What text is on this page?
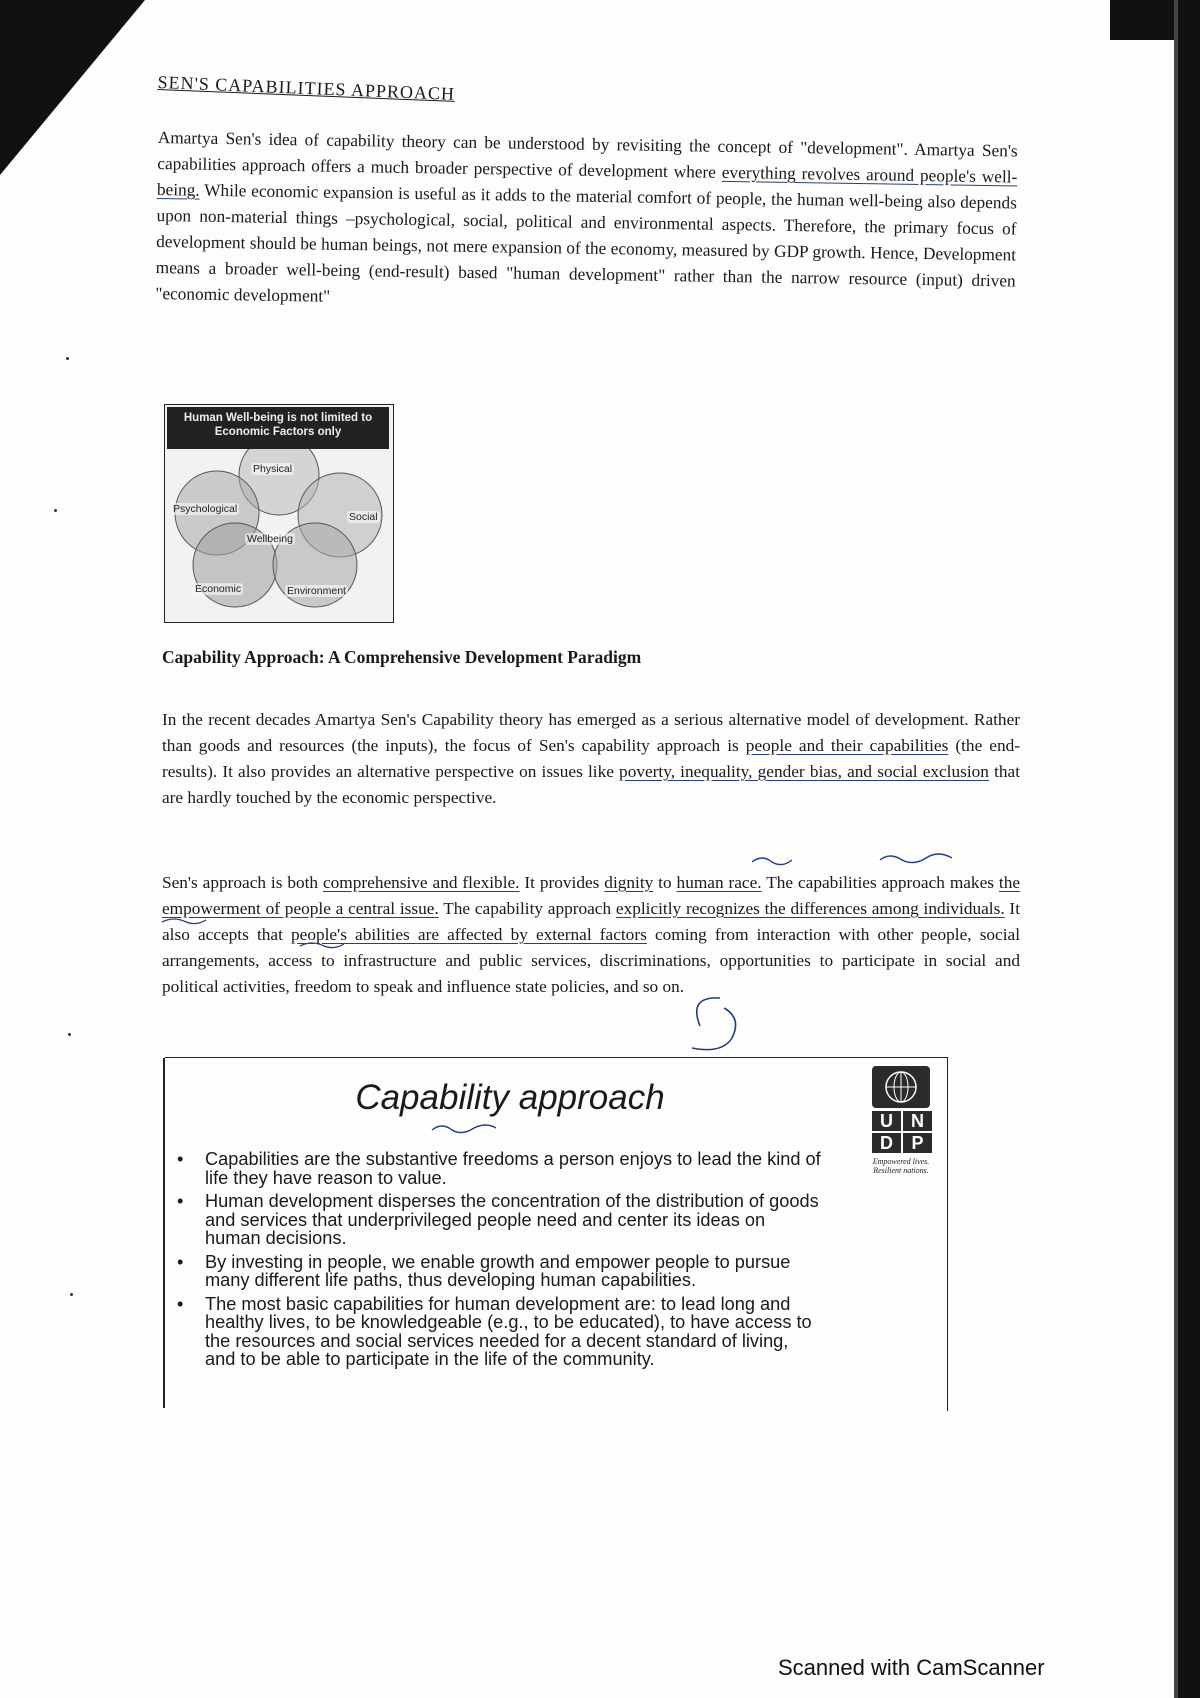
SEN'S CAPABILITIES APPROACH
Amartya Sen's idea of capability theory can be understood by revisiting the concept of "development". Amartya Sen's capabilities approach offers a much broader perspective of development where everything revolves around people's well-being. While economic expansion is useful as it adds to the material comfort of people, the human well-being also depends upon non-material things –psychological, social, political and environmental aspects. Therefore, the primary focus of development should be human beings, not mere expansion of the economy, measured by GDP growth. Hence, Development means a broader well-being (end-result) based "human development" rather than the narrow resource (input) driven "economic development"
Human Well-being is not limited to Economic Factors only
Physical
Psychological
Social
Wellbeing
Economic	Environment
Capability Approach: A Comprehensive Development Paradigm
In the recent decades Amartya Sen's Capability theory has emerged as a serious alternative model of development. Rather than goods and resources (the inputs), the focus of Sen's capability approach is people and their capabilities (the end-results). It also provides an alternative perspective on issues like poverty, inequality, gender bias, and social exclusion that are hardly touched by the economic perspective.
Sen's approach is both comprehensive and flexible. It provides dignity to human race. The capabilities approach makes the empowerment of people a central issue. The capability approach explicitly recognizes the differences among individuals. It also accepts that people's abilities are affected by external factors coming from interaction with other people, social arrangements, access to infrastructure and public services, discriminations, opportunities to participate in social and political activities, freedom to speak and influence state policies, and so on.
Capability approach
• Capabilities are the substantive freedoms a person enjoys to lead the kind of life they have reason to value.
• Human development disperses the concentration of the distribution of goods and services that underprivileged people need and center its ideas on human decisions.
• By investing in people, we enable growth and empower people to pursue many different life paths, thus developing human capabilities.
• The most basic capabilities for human development are: to lead long and healthy lives, to be knowledgeable (e.g., to be educated), to have access to the resources and social services needed for a decent standard of living, and to be able to participate in the life of the community.
U	N
D	P
Empowered lives. Resilient nations.
Scanned with CamScanner
